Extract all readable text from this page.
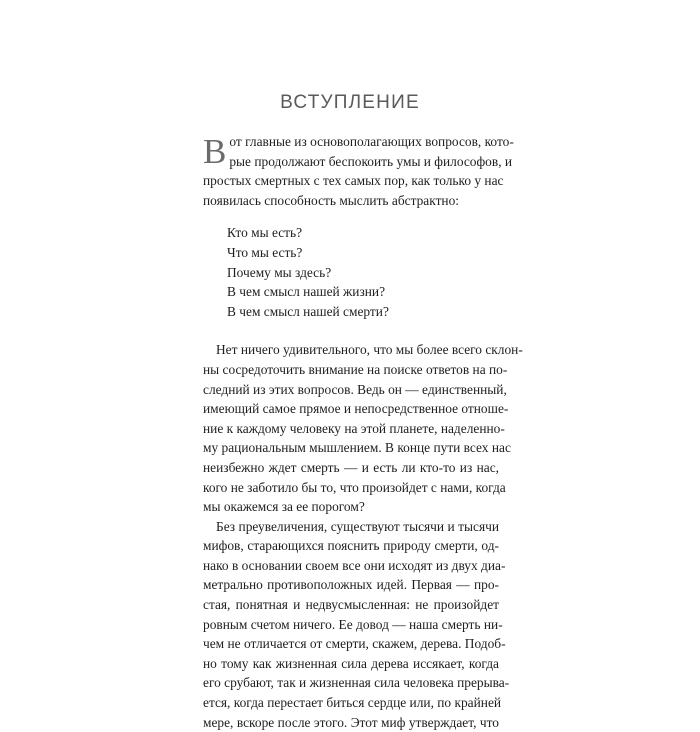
ВСТУПЛЕНИЕ
В от главные из основополагающих вопросов, кото-
рые продолжают беспокоить умы и философов, и
простых смертных с тех самых пор, как только у нас
появилась способность мыслить абстрактно:
Кто мы есть?
Что мы есть?
Почему мы здесь?
В чем смысл нашей жизни?
В чем смысл нашей смерти?
Нет ничего удивительного, что мы более всего склон-
ны сосредоточить внимание на поиске ответов на по-
следний из этих вопросов. Ведь он — единственный,
имеющий самое прямое и непосредственное отноше-
ние к каждому человеку на этой планете, наделенно-
му рациональным мышлением. В конце пути всех нас
неизбежно ждет смерть — и есть ли кто-то из нас,
кого не заботило бы то, что произойдет с нами, когда
мы окажемся за ее порогом?
Без преувеличения, существуют тысячи и тысячи
мифов, старающихся пояснить природу смерти, од-
нако в основании своем все они исходят из двух диа-
метрально противоположных идей. Первая — про-
стая, понятная и недвусмысленная: не произойдет
ровным счетом ничего. Ее довод — наша смерть ни-
чем не отличается от смерти, скажем, дерева. Подоб-
но тому как жизненная сила дерева иссякает, когда
его срубают, так и жизненная сила человека прерыва-
ется, когда перестает биться сердце или, по крайней
мере, вскоре после этого. Этот миф утверждает, что
